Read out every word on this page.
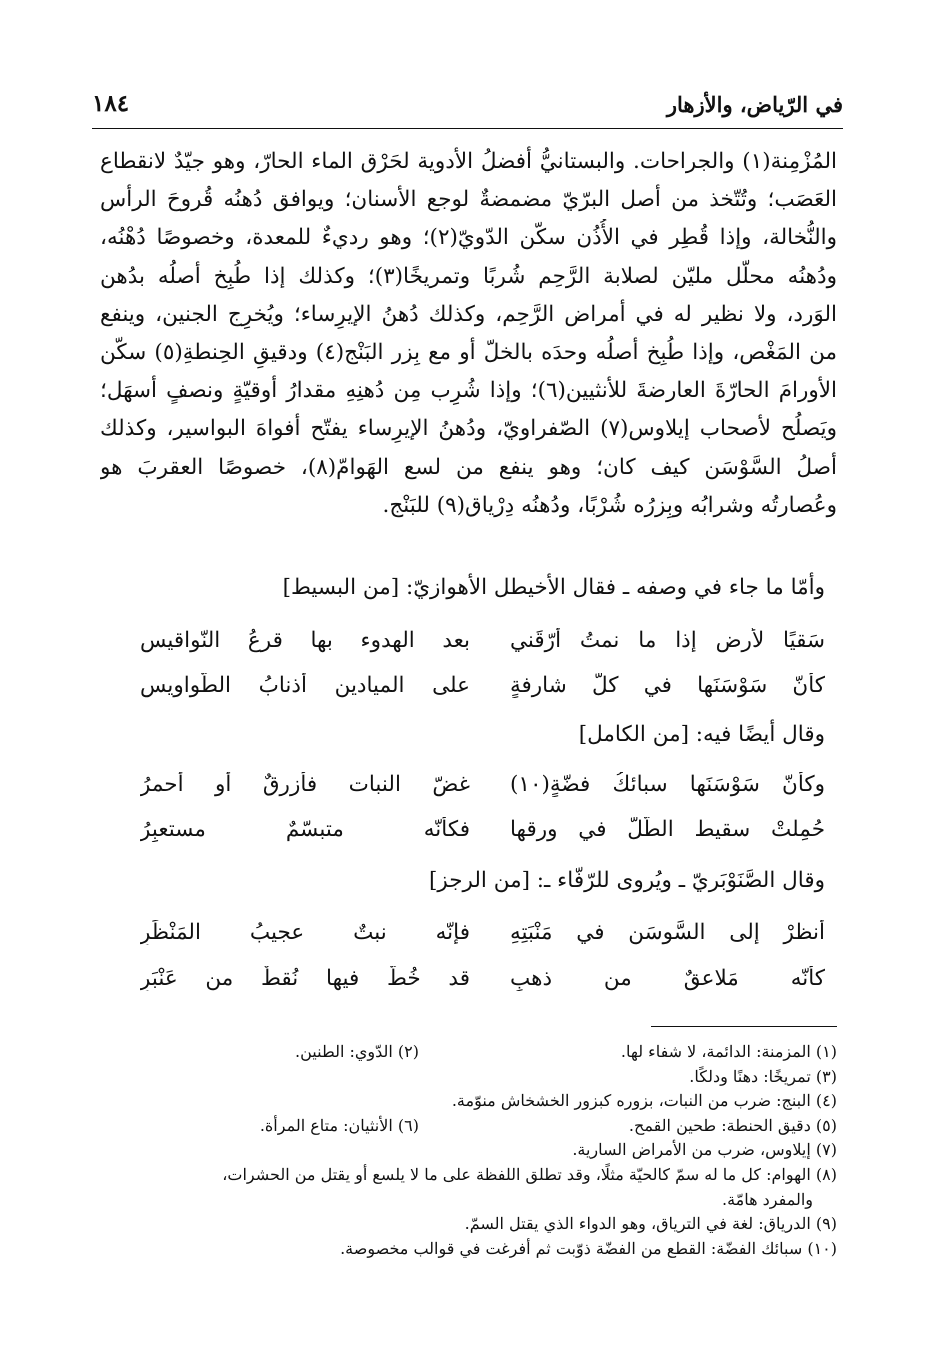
في الرّياض، والأزهار
١٨٤
المُزْمِنة(١) والجراحات. والبستانيُّ أفضلُ الأدوية لحَرْق الماء الحارّ، وهو جيّدٌ لانقطاع
العَصَب؛ وتُتّخذ من أصل البرّيّ مضمضةٌ لوجع الأسنان؛ ويوافق دُهنُه قُروحَ الرأس
والنُّخالة، وإذا قُطِر في الأُذُن سكّن الدّويّ(٢)؛ وهو رديءٌ للمعدة، وخصوصًا دُهْنُه،
ودُهنُه محلّل مليّن لصلابة الرَّحِم شُربًا وتمريخًا(٣)؛ وكذلك إذا طُبِخ أصلُه بدُهن
الوَرد، ولا نظير له في أمراض الرَّحِم، وكذلك دُهنُ الإيرِساء؛ ويُخرِج الجنين، وينفع
من المَغْص، وإذا طُبِخ أصلُه وحدَه بالخلّ أو مع بِزر البَنْج(٤) ودقيقِ الحِنطةِ(٥) سكّن
الأورامَ الحارّةَ العارضةَ للأنثيين(٦)؛ وإذا شُرِب مِن دُهنِهِ مقدارُ أوقيّةٍ ونصفٍ أسهَل؛
ويَصلُح لأصحاب إيلاوس(٧) الصّفراويّ، ودُهنُ الإيرِساء يفتّح أفواهَ البواسير، وكذلك
أصلُ السَّوْسَن كيف كان؛ وهو ينفع من لسع الهَوامّ(٨)، خصوصًا العقربَ هو
وعُصارتُه وشرابُه وبِزرُه شُرْبًا، ودُهنُه دِرْياق(٩) للبَنْج.
وأمّا ما جاء في وصفه ـ فقال الأخيطل الأهوازيّ: [من البسيط]
سَقيًا لأرضٍ إذا ما نمتُ أرّقَني
بعد الهدوء بها قرعُ النّواقيسِ
كأنّ سَوْسَنَها في كلّ شارفةٍ
على الميادين أذنابُ الطّواويسِ
وقال أيضًا فيه: [من الكامل]
وكأنّ سَوْسَنَها سبائكُ فضّةٍ(١٠)
غضّ النبات فأزرقٌ أو أحمرُ
حُمِلتْ سقيط الطّلّ في ورقها
فكأنّه متبسّمٌ مستعبِرُ
وقال الصَّنَوْبَريّ ـ ويُروى للرّفّاء ـ: [من الرجز]
أُنظرْ إلى السَّوسَنِ في مَنْبَتِهِ
فإنّه نبتٌ عجيبُ المَنْظَرِ
كأنّه مَلاعقٌ من ذهبٍ
قد خُطَّ فيها نُقطٌ من عَنْبَرِ
(١) المزمنة: الدائمة، لا شفاء لها.
(٢) الدّوي: الطنين.
(٣) تمريخًا: دهنًا ودلكًا.
(٤) البنج: ضرب من النبات، بزوره كبزور الخشخاش منوّمة.
(٥) دقيق الحنطة: طحين القمح.
(٦) الأنثيان: متاع المرأة.
(٧) إيلاوس، ضرب من الأمراض السارية.
(٨) الهوام: كل ما له سمّ كالحيّة مثلًا، وقد تطلق اللفظة على ما لا يلسع أو يقتل من الحشرات،
والمفرد هامّة.
(٩) الدرياق: لغة في الترياق، وهو الدواء الذي يقتل السمّ.
(١٠) سبائك الفضّة: القطع من الفضّة ذوّبت ثم أفرغت في قوالب مخصوصة.
